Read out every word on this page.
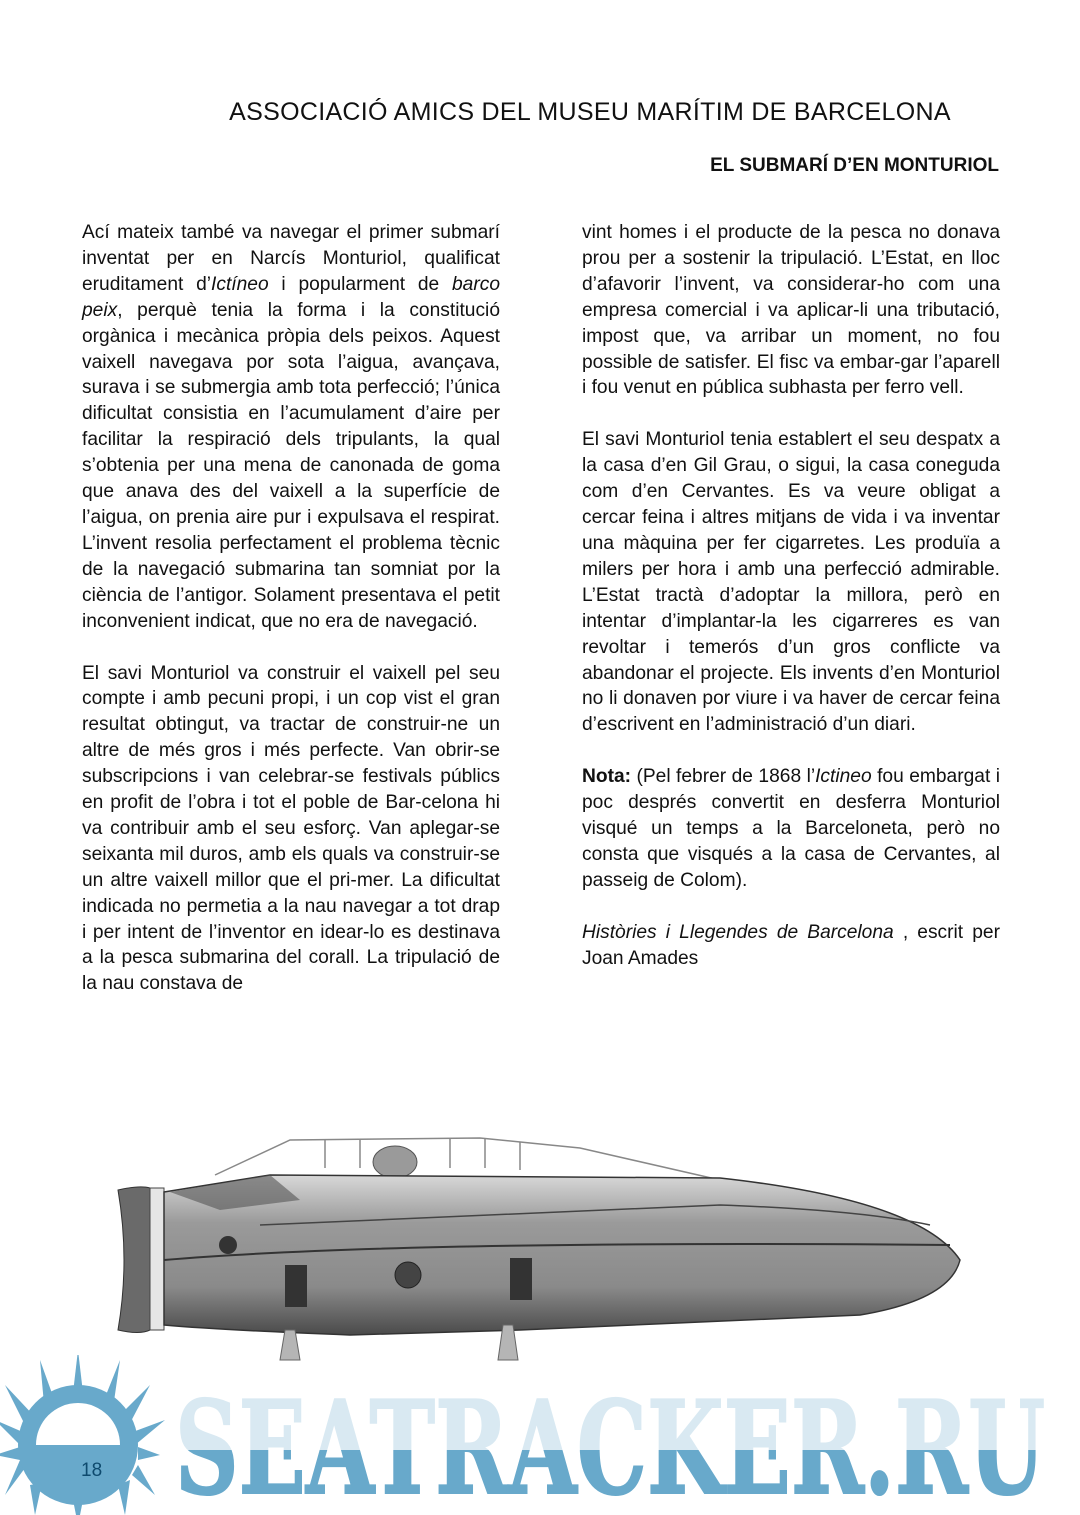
ASSOCIACIÓ AMICS DEL MUSEU MARÍTIM DE BARCELONA
EL SUBMARÍ D’EN MONTURIOL

Ací mateix també va navegar el primer submarí inventat per en Narcís Monturiol, qualificat eruditament d’Ictíneo i popularment de barco peix, perquè tenia la forma i la constitució orgànica i mecànica pròpia dels peixos. Aquest vaixell navegava por sota l’aigua, avançava, surava i se submergia amb tota perfecció; l’única dificultat consistia en l’acumulament d’aire per facilitar la respiració dels tripulants, la qual s’obtenia per una mena de canonada de goma que anava des del vaixell a la superfície de l’aigua, on prenia aire pur i expulsava el respirat. L’invent resolia perfectament el problema tècnic de la navegació submarina tan somniat por la ciència de l’antigor. Solament presentava el petit inconvenient indicat, que no era de navegació.

El savi Monturiol va construir el vaixell pel seu compte i amb pecuni propi, i un cop vist el gran resultat obtingut, va tractar de construir-ne un altre de més gros i més perfecte. Van obrir-se subscripcions i van celebrar-se festivals públics en profit de l’obra i tot el poble de Bar-celona hi va contribuir amb el seu esforç. Van aplegar-se seixanta mil duros, amb els quals va construir-se un altre vaixell millor que el pri-mer. La dificultat indicada no permetia a la nau navegar a tot drap i per intent de l’inventor en idear-lo es destinava a la pesca submarina del corall. La tripulació de la nau constava de

vint homes i el producte de la pesca no donava prou per a sostenir la tripulació. L’Estat, en lloc d’afavorir l’invent, va considerar-ho com una empresa comercial i va aplicar-li una tributació, impost que, va arribar un moment, no fou possible de satisfer. El fisc va embar-gar l’aparell i fou venut en pública subhasta per ferro vell.

El savi Monturiol tenia establert el seu despatx a la casa d’en Gil Grau, o sigui, la casa coneguda com d’en Cervantes. Es va veure obligat a cercar feina i altres mitjans de vida i va inventar una màquina per fer cigarretes. Les produïa a milers per hora i amb una perfecció admirable. L’Estat tractà d’adoptar la millora, però en intentar d’implantar-la les cigarreres es van revoltar i temerós d’un gros conflicte va abandonar el projecte. Els invents d’en Monturiol no li donaven por viure i va haver de cercar feina d’escrivent en l’administració d’un diari.

Nota: (Pel febrer de 1868 l’Ictineo fou embargat i poc després convertit en desferra Monturiol visqué un temps a la Barceloneta, però no consta que visqués a la casa de Cervantes, al passeig de Colom).

Històries i Llegendes de Barcelona , escrit per Joan Amades

18
